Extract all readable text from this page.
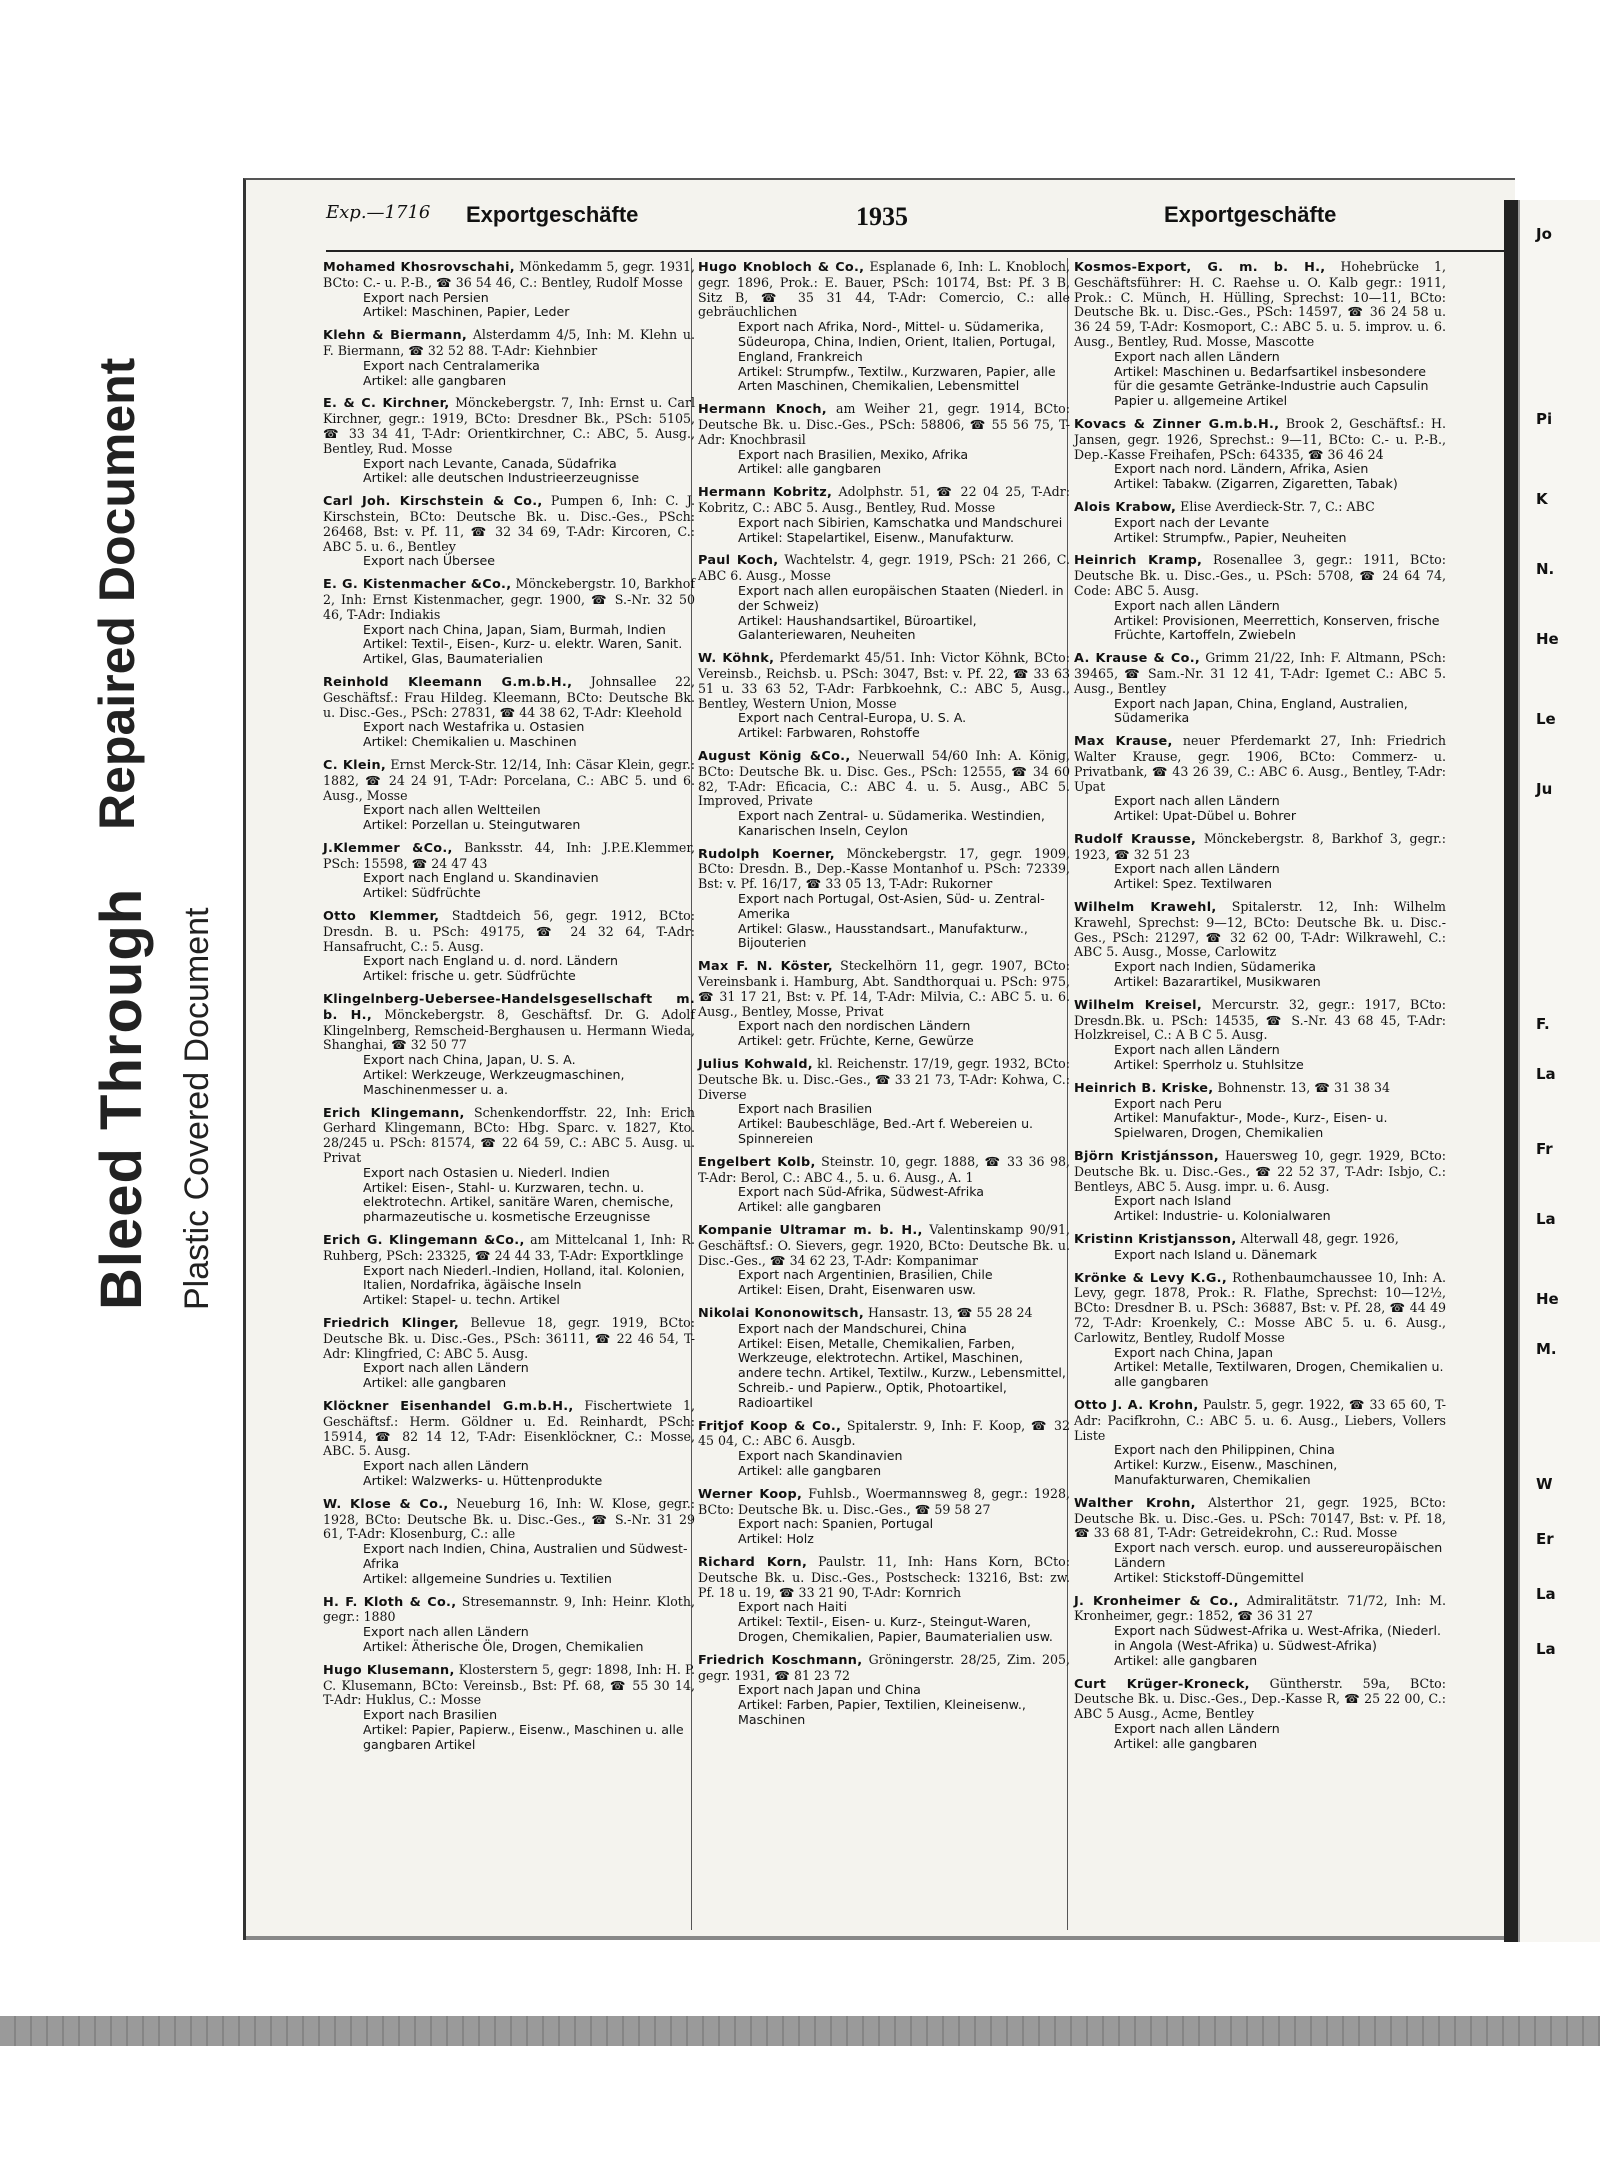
Bleed Through
Repaired Document
Plastic Covered Document
Exp.—1716 Exportgeschäfte	1935	Exportgeschäfte
Mohamed Khosrovschahi, Mönkedamm 5, gegr. 1931, BCto: C.- u. P.-B., ☎ 36 54 46, C.: Bentley, Rudolf Mosse
Export nach Persien
Artikel: Maschinen, Papier, Leder
Klehn & Biermann, Alsterdamm 4/5, Inh: M. Klehn u. F. Biermann, ☎ 32 52 88. T-Adr: Kiehnbier
Export nach Centralamerika
Artikel: alle gangbaren
E. & C. Kirchner, Mönckebergstr. 7, Inh: Ernst u. Carl Kirchner, gegr.: 1919, BCto: Dresdner Bk., PSch: 5105, ☎ 33 34 41, T-Adr: Orientkirchner, C.: ABC, 5. Ausg., Bentley, Rud. Mosse
Export nach Levante, Canada, Südafrika
Artikel: alle deutschen Industrieerzeugnisse
Carl Joh. Kirschstein & Co., Pumpen 6, Inh: C. J. Kirschstein, BCto: Deutsche Bk. u. Disc.-Ges., PSch: 26468, Bst: v. Pf. 11, ☎ 32 34 69, T-Adr: Kircoren, C.: ABC 5. u. 6., Bentley
Export nach Übersee
E. G. Kistenmacher &Co., Mönckebergstr. 10, Barkhof 2, Inh: Ernst Kistenmacher, gegr. 1900, ☎ S.-Nr. 32 50 46, T-Adr: Indiakis
Export nach China, Japan, Siam, Burmah, Indien
Artikel: Textil-, Eisen-, Kurz- u. elektr. Waren, Sanit. Artikel, Glas, Baumaterialien
Reinhold Kleemann G.m.b.H., Johnsallee 22, Geschäftsf.: Frau Hildeg. Kleemann, BCto: Deutsche Bk. u. Disc.-Ges., PSch: 27831, ☎ 44 38 62, T-Adr: Kleehold
Export nach Westafrika u. Ostasien
Artikel: Chemikalien u. Maschinen
C. Klein, Ernst Merck-Str. 12/14, Inh: Cäsar Klein, gegr.: 1882, ☎ 24 24 91, T-Adr: Porcelana, C.: ABC 5. und 6. Ausg., Mosse
Export nach allen Weltteilen
Artikel: Porzellan u. Steingutwaren
J.Klemmer &Co., Banksstr. 44, Inh: J.P.E.Klemmer, PSch: 15598, ☎ 24 47 43
Export nach England u. Skandinavien
Artikel: Südfrüchte
Otto Klemmer, Stadtdeich 56, gegr. 1912, BCto: Dresdn. B. u. PSch: 49175, ☎ 24 32 64, T-Adr: Hansafrucht, C.: 5. Ausg.
Export nach England u. d. nord. Ländern
Artikel: frische u. getr. Südfrüchte
Klingelnberg-Uebersee-Handelsgesellschaft m. b. H., Mönckebergstr. 8, Geschäftsf. Dr. G. Adolf Klingelnberg, Remscheid-Berghausen u. Hermann Wieda, Shanghai, ☎ 32 50 77
Export nach China, Japan, U. S. A.
Artikel: Werkzeuge, Werkzeugmaschinen, Maschinenmesser u. a.
Erich Klingemann, Schenkendorffstr. 22, Inh: Erich Gerhard Klingemann, BCto: Hbg. Sparc. v. 1827, Kto. 28/245 u. PSch: 81574, ☎ 22 64 59, C.: ABC 5. Ausg. u. Privat
Export nach Ostasien u. Niederl. Indien
Artikel: Eisen-, Stahl- u. Kurzwaren, techn. u. elektrotechn. Artikel, sanitäre Waren, chemische, pharmazeutische u. kosmetische Erzeugnisse
Erich G. Klingemann &Co., am Mittelcanal 1, Inh: R. Ruhberg, PSch: 23325, ☎ 24 44 33, T-Adr: Exportklinge
Export nach Niederl.-Indien, Holland, ital. Kolonien, Italien, Nordafrika, ägäische Inseln
Artikel: Stapel- u. techn. Artikel
Friedrich Klinger, Bellevue 18, gegr. 1919, BCto: Deutsche Bk. u. Disc.-Ges., PSch: 36111, ☎ 22 46 54, T-Adr: Klingfried, C: ABC 5. Ausg.
Export nach allen Ländern
Artikel: alle gangbaren
Klöckner Eisenhandel G.m.b.H., Fischertwiete 1, Geschäftsf.: Herm. Göldner u. Ed. Reinhardt, PSch: 15914, ☎ 82 14 12, T-Adr: Eisenklöckner, C.: Mosse, ABC. 5. Ausg.
Export nach allen Ländern
Artikel: Walzwerks- u. Hüttenprodukte
W. Klose & Co., Neueburg 16, Inh: W. Klose, gegr.: 1928, BCto: Deutsche Bk. u. Disc.-Ges., ☎ S.-Nr. 31 29 61, T-Adr: Klosenburg, C.: alle
Export nach Indien, China, Australien und Südwest-Afrika
Artikel: allgemeine Sundries u. Textilien
H. F. Kloth & Co., Stresemannstr. 9, Inh: Heinr. Kloth, gegr.: 1880
Export nach allen Ländern
Artikel: Ätherische Öle, Drogen, Chemikalien
Hugo Klusemann, Klosterstern 5, gegr: 1898, Inh: H. P. C. Klusemann, BCto: Vereinsb., Bst: Pf. 68, ☎ 55 30 14, T-Adr: Huklus, C.: Mosse
Export nach Brasilien
Artikel: Papier, Papierw., Eisenw., Maschinen u. alle gangbaren Artikel
Hugo Knobloch & Co., Esplanade 6, Inh: L. Knobloch, gegr. 1896, Prok.: E. Bauer, PSch: 10174, Bst: Pf. 3 B, Sitz B, ☎ 35 31 44, T-Adr: Comercio, C.: alle gebräuchlichen
Export nach Afrika, Nord-, Mittel- u. Südamerika, Südeuropa, China, Indien, Orient, Italien, Portugal, England, Frankreich
Artikel: Strumpfw., Textilw., Kurzwaren, Papier, alle Arten Maschinen, Chemikalien, Lebensmittel
Hermann Knoch, am Weiher 21, gegr. 1914, BCto: Deutsche Bk. u. Disc.-Ges., PSch: 58806, ☎ 55 56 75, T-Adr: Knochbrasil
Export nach Brasilien, Mexiko, Afrika
Artikel: alle gangbaren
Hermann Kobritz, Adolphstr. 51, ☎ 22 04 25, T-Adr: Kobritz, C.: ABC 5. Ausg., Bentley, Rud. Mosse
Export nach Sibirien, Kamschatka und Mandschurei
Artikel: Stapelartikel, Eisenw., Manufakturw.
Paul Koch, Wachtelstr. 4, gegr. 1919, PSch: 21 266, C. ABC 6. Ausg., Mosse
Export nach allen europäischen Staaten (Niederl. in der Schweiz)
Artikel: Haushandsartikel, Büroartikel, Galanteriewaren, Neuheiten
W. Köhnk, Pferdemarkt 45/51. Inh: Victor Köhnk, BCto: Vereinsb., Reichsb. u. PSch: 3047, Bst: v. Pf. 22, ☎ 33 63 51 u. 33 63 52, T-Adr: Farbkoehnk, C.: ABC 5, Ausg., Bentley, Western Union, Mosse
Export nach Central-Europa, U. S. A.
Artikel: Farbwaren, Rohstoffe
August König &Co., Neuerwall 54/60 Inh: A. König, BCto: Deutsche Bk. u. Disc. Ges., PSch: 12555, ☎ 34 60 82, T-Adr: Eficacia, C.: ABC 4. u. 5. Ausg., ABC 5. Improved, Private
Export nach Zentral- u. Südamerika. Westindien, Kanarischen Inseln, Ceylon
Rudolph Koerner, Mönckebergstr. 17, gegr. 1909, BCto: Dresdn. B., Dep.-Kasse Montanhof u. PSch: 72339, Bst: v. Pf. 16/17, ☎ 33 05 13, T-Adr: Rukorner
Export nach Portugal, Ost-Asien, Süd- u. Zentral-Amerika
Artikel: Glasw., Hausstandsart., Manufakturw., Bijouterien
Max F. N. Köster, Steckelhörn 11, gegr. 1907, BCto: Vereinsbank i. Hamburg, Abt. Sandthorquai u. PSch: 975, ☎ 31 17 21, Bst: v. Pf. 14, T-Adr: Milvia, C.: ABC 5. u. 6. Ausg., Bentley, Mosse, Privat
Export nach den nordischen Ländern
Artikel: getr. Früchte, Kerne, Gewürze
Julius Kohwald, kl. Reichenstr. 17/19, gegr. 1932, BCto: Deutsche Bk. u. Disc.-Ges., ☎ 33 21 73, T-Adr: Kohwa, C.: Diverse
Export nach Brasilien
Artikel: Baubeschläge, Bed.-Art f. Webereien u. Spinnereien
Engelbert Kolb, Steinstr. 10, gegr. 1888, ☎ 33 36 98, T-Adr: Berol, C.: ABC 4., 5. u. 6. Ausg., A. 1
Export nach Süd-Afrika, Südwest-Afrika
Artikel: alle gangbaren
Kompanie Ultramar m. b. H., Valentinskamp 90/91, Geschäftsf.: O. Sievers, gegr. 1920, BCto: Deutsche Bk. u. Disc.-Ges., ☎ 34 62 23, T-Adr: Kompanimar
Export nach Argentinien, Brasilien, Chile
Artikel: Eisen, Draht, Eisenwaren usw.
Nikolai Kononowitsch, Hansastr. 13, ☎ 55 28 24
Export nach der Mandschurei, China
Artikel: Eisen, Metalle, Chemikalien, Farben, Werkzeuge, elektrotechn. Artikel, Maschinen, andere techn. Artikel, Textilw., Kurzw., Lebensmittel, Schreib.- und Papierw., Optik, Photoartikel, Radioartikel
Fritjof Koop & Co., Spitalerstr. 9, Inh: F. Koop, ☎ 32 45 04, C.: ABC 6. Ausgb.
Export nach Skandinavien
Artikel: alle gangbaren
Werner Koop, Fuhlsb., Woermannsweg 8, gegr.: 1928, BCto: Deutsche Bk. u. Disc.-Ges., ☎ 59 58 27
Export nach: Spanien, Portugal
Artikel: Holz
Richard Korn, Paulstr. 11, Inh: Hans Korn, BCto: Deutsche Bk. u. Disc.-Ges., Postscheck: 13216, Bst: zw. Pf. 18 u. 19, ☎ 33 21 90, T-Adr: Kornrich
Export nach Haiti
Artikel: Textil-, Eisen- u. Kurz-, Steingut-Waren, Drogen, Chemikalien, Papier, Baumaterialien usw.
Friedrich Koschmann, Gröningerstr. 28/25, Zim. 205, gegr. 1931, ☎ 81 23 72
Export nach Japan und China
Artikel: Farben, Papier, Textilien, Kleineisenw., Maschinen
Kosmos-Export, G. m. b. H., Hohebrücke 1, Geschäftsführer: H. C. Raehse u. O. Kalb gegr.: 1911, Prok.: C. Münch, H. Hülling, Sprechst: 10—11, BCto: Deutsche Bk. u. Disc.-Ges., PSch: 14597, ☎ 36 24 58 u. 36 24 59, T-Adr: Kosmoport, C.: ABC 5. u. 5. improv. u. 6. Ausg., Bentley, Rud. Mosse, Mascotte
Export nach allen Ländern
Artikel: Maschinen u. Bedarfsartikel insbesondere für die gesamte Getränke-Industrie auch Capsulin Papier u. allgemeine Artikel
Kovacs & Zinner G.m.b.H., Brook 2, Geschäftsf.: H. Jansen, gegr. 1926, Sprechst.: 9—11, BCto: C.- u. P.-B., Dep.-Kasse Freihafen, PSch: 64335, ☎ 36 46 24
Export nach nord. Ländern, Afrika, Asien
Artikel: Tabakw. (Zigarren, Zigaretten, Tabak)
Alois Krabow, Elise Averdieck-Str. 7, C.: ABC
Export nach der Levante
Artikel: Strumpfw., Papier, Neuheiten
Heinrich Kramp, Rosenallee 3, gegr.: 1911, BCto: Deutsche Bk. u. Disc.-Ges., u. PSch: 5708, ☎ 24 64 74, Code: ABC 5. Ausg.
Export nach allen Ländern
Artikel: Provisionen, Meerrettich, Konserven, frische Früchte, Kartoffeln, Zwiebeln
A. Krause & Co., Grimm 21/22, Inh: F. Altmann, PSch: 39465, ☎ Sam.-Nr. 31 12 41, T-Adr: Igemet C.: ABC 5. Ausg., Bentley
Export nach Japan, China, England, Australien, Südamerika
Max Krause, neuer Pferdemarkt 27, Inh: Friedrich Walter Krause, gegr. 1906, BCto: Commerz- u. Privatbank, ☎ 43 26 39, C.: ABC 6. Ausg., Bentley, T-Adr: Upat
Export nach allen Ländern
Artikel: Upat-Dübel u. Bohrer
Rudolf Krausse, Mönckebergstr. 8, Barkhof 3, gegr.: 1923, ☎ 32 51 23
Export nach allen Ländern
Artikel: Spez. Textilwaren
Wilhelm Krawehl, Spitalerstr. 12, Inh: Wilhelm Krawehl, Sprechst: 9—12, BCto: Deutsche Bk. u. Disc.-Ges., PSch: 21297, ☎ 32 62 00, T-Adr: Wilkrawehl, C.: ABC 5. Ausg., Mosse, Carlowitz
Export nach Indien, Südamerika
Artikel: Bazarartikel, Musikwaren
Wilhelm Kreisel, Mercurstr. 32, gegr.: 1917, BCto: Dresdn.Bk. u. PSch: 14535, ☎ S.-Nr. 43 68 45, T-Adr: Holzkreisel, C.: A B C 5. Ausg.
Export nach allen Ländern
Artikel: Sperrholz u. Stuhlsitze
Heinrich B. Kriske, Bohnenstr. 13, ☎ 31 38 34
Export nach Peru
Artikel: Manufaktur-, Mode-, Kurz-, Eisen- u. Spielwaren, Drogen, Chemikalien
Björn Kristjánsson, Hauersweg 10, gegr. 1929, BCto: Deutsche Bk. u. Disc.-Ges., ☎ 22 52 37, T-Adr: Isbjo, C.: Bentleys, ABC 5. Ausg. impr. u. 6. Ausg.
Export nach Island
Artikel: Industrie- u. Kolonialwaren
Kristinn Kristjansson, Alterwall 48, gegr. 1926,
Export nach Island u. Dänemark
Krönke & Levy K.G., Rothenbaumchaussee 10, Inh: A. Levy, gegr. 1878, Prok.: R. Flathe, Sprechst: 10—12½, BCto: Dresdner B. u. PSch: 36887, Bst: v. Pf. 28, ☎ 44 49 72, T-Adr: Kroenkely, C.: Mosse ABC 5. u. 6. Ausg., Carlowitz, Bentley, Rudolf Mosse
Export nach China, Japan
Artikel: Metalle, Textilwaren, Drogen, Chemikalien u. alle gangbaren
Otto J. A. Krohn, Paulstr. 5, gegr. 1922, ☎ 33 65 60, T-Adr: Pacifkrohn, C.: ABC 5. u. 6. Ausg., Liebers, Vollers Liste
Export nach den Philippinen, China
Artikel: Kurzw., Eisenw., Maschinen, Manufakturwaren, Chemikalien
Walther Krohn, Alsterthor 21, gegr. 1925, BCto: Deutsche Bk. u. Disc.-Ges. u. PSch: 70147, Bst: v. Pf. 18, ☎ 33 68 81, T-Adr: Getreidekrohn, C.: Rud. Mosse
Export nach versch. europ. und aussereuropäischen Ländern
Artikel: Stickstoff-Düngemittel
J. Kronheimer & Co., Admiralitätstr. 71/72, Inh: M. Kronheimer, gegr.: 1852, ☎ 36 31 27
Export nach Südwest-Afrika u. West-Afrika, (Niederl. in Angola (West-Afrika) u. Südwest-Afrika)
Artikel: alle gangbaren
Curt Krüger-Kroneck, Güntherstr. 59a, BCto: Deutsche Bk. u. Disc.-Ges., Dep.-Kasse R, ☎ 25 22 00, C.: ABC 5 Ausg., Acme, Bentley
Export nach allen Ländern
Artikel: alle gangbaren
Jo
Pi
K
N.
He
Le
Ju
F.
La
Fr
La
He
M.
W
Er
La
La
